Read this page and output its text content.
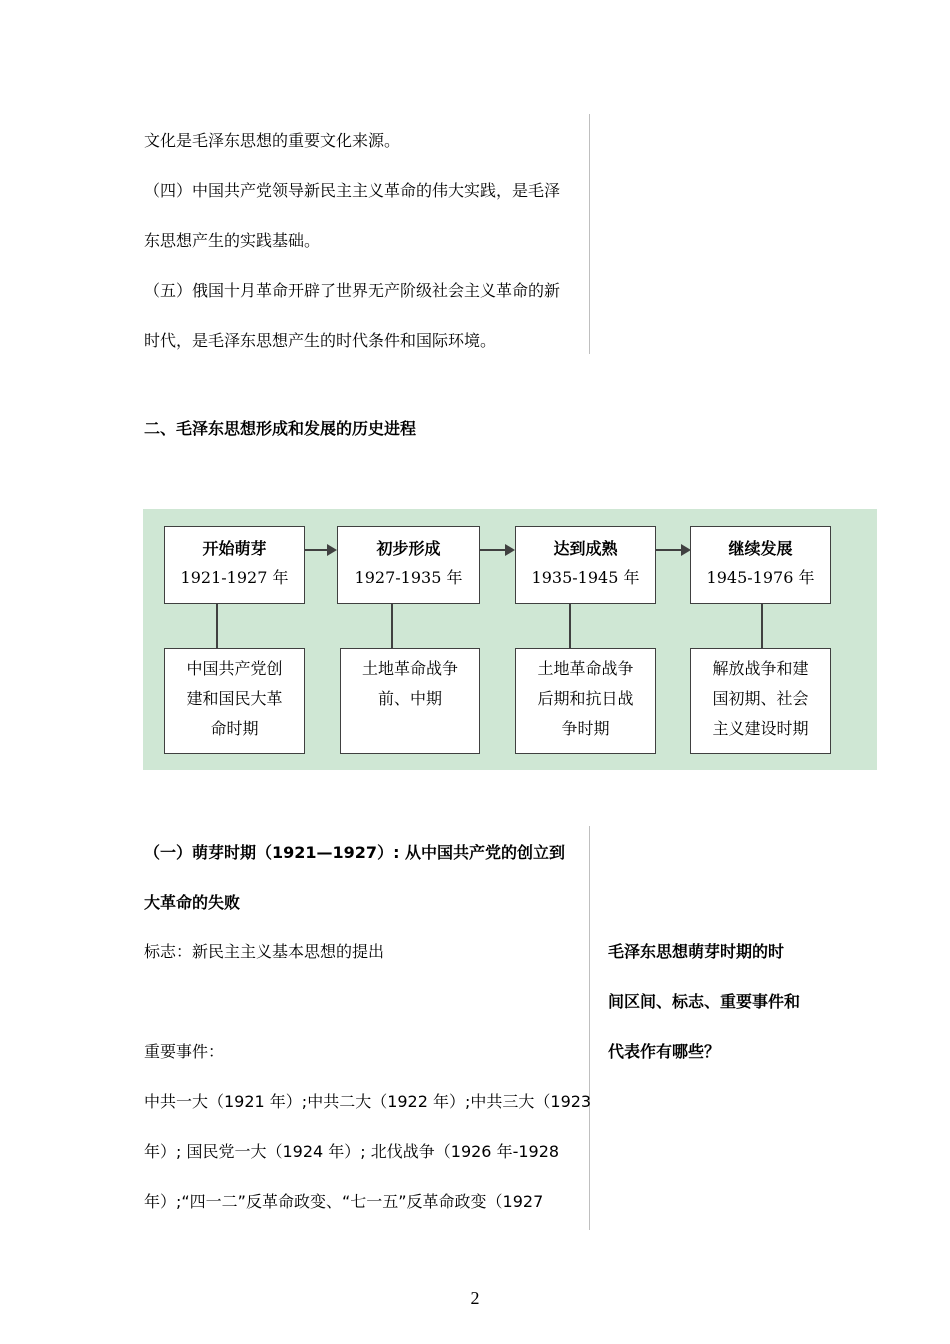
文化是毛泽东思想的重要文化来源。
（四）中国共产党领导新民主主义革命的伟大实践，是毛泽
东思想产生的实践基础。
（五）俄国十月革命开辟了世界无产阶级社会主义革命的新
时代，是毛泽东思想产生的时代条件和国际环境。
二、毛泽东思想形成和发展的历史进程
开始萌芽
1921-1927 年
中国共产党创
建和国民大革
命时期
初步形成
1927-1935 年
土地革命战争
前、中期
达到成熟
1935-1945 年
土地革命战争
后期和抗日战
争时期
继续发展
1945-1976 年
解放战争和建
国初期、社会
主义建设时期
（一）萌芽时期（1921—1927）: 从中国共产党的创立到
大革命的失败
标志：新民主主义基本思想的提出
重要事件：
中共一大（1921 年）;中共二大（1922 年）;中共三大（1923
年）; 国民党一大（1924 年）; 北伐战争（1926 年-1928
年）;“四一二”反革命政变、“七一五”反革命政变（1927
毛泽东思想萌芽时期的时
间区间、标志、重要事件和
代表作有哪些？
2
